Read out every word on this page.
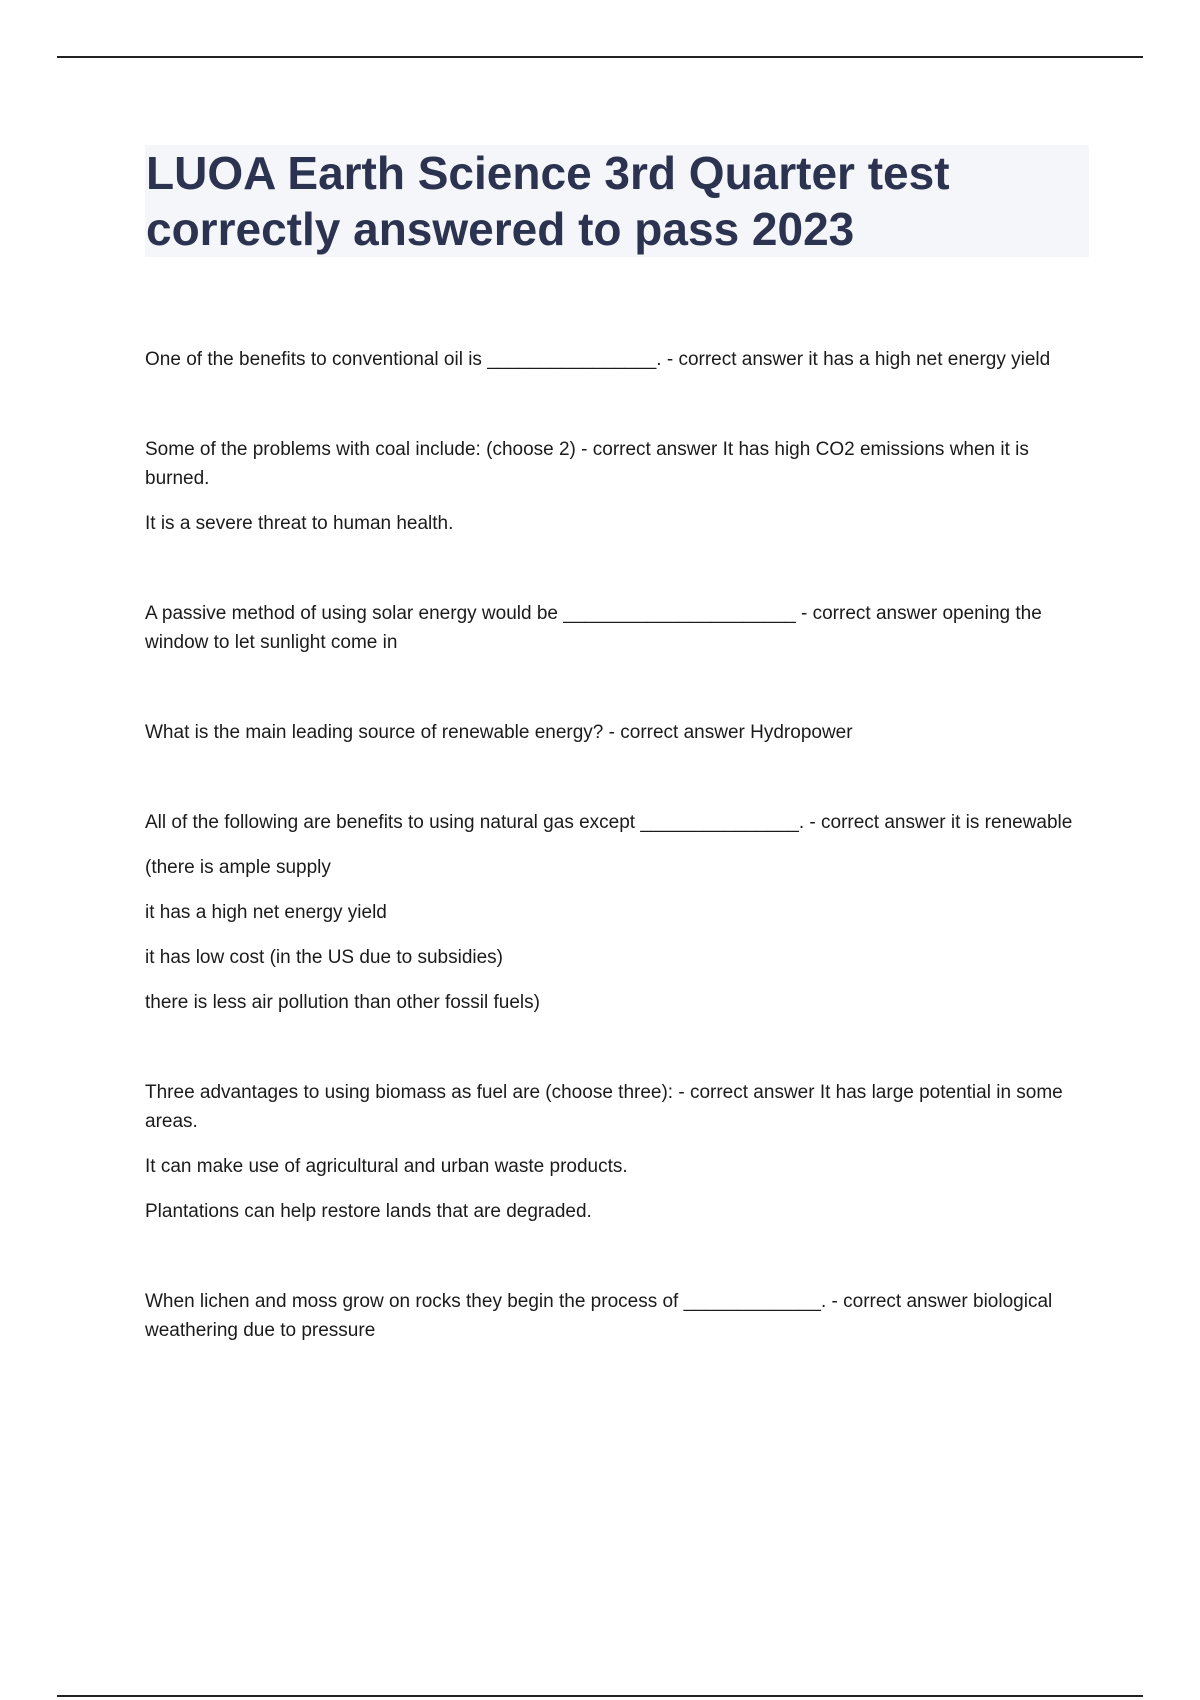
LUOA Earth Science 3rd Quarter test correctly answered to pass 2023

One of the benefits to conventional oil is ________________. - correct answer it has a high net energy yield

Some of the problems with coal include: (choose 2) - correct answer It has high CO2 emissions when it is burned.

It is a severe threat to human health.

A passive method of using solar energy would be ______________________ - correct answer opening the window to let sunlight come in

What is the main leading source of renewable energy? - correct answer Hydropower

All of the following are benefits to using natural gas except _______________. - correct answer it is renewable

(there is ample supply

it has a high net energy yield

it has low cost (in the US due to subsidies)

there is less air pollution than other fossil fuels)

Three advantages to using biomass as fuel are (choose three): - correct answer It has large potential in some areas.

It can make use of agricultural and urban waste products.

Plantations can help restore lands that are degraded.

When lichen and moss grow on rocks they begin the process of _____________. - correct answer biological weathering due to pressure
